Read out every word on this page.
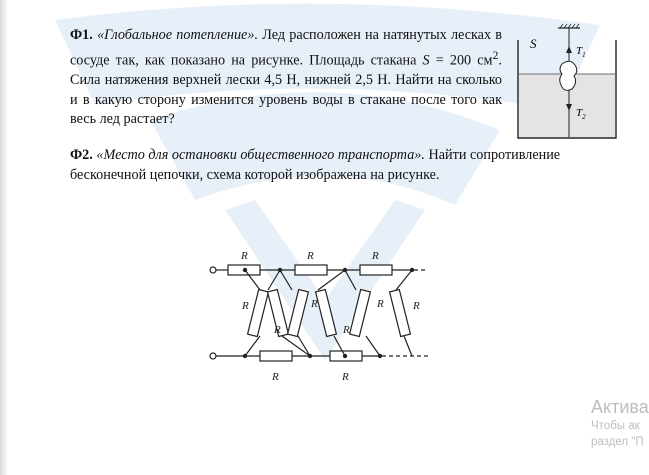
Ф1. «Глобальное потепление». Лед расположен на натянутых лесках в сосуде так, как показано на рисунке. Площадь стакана S = 200 $см^2$. Сила натяжения верхней лески 4,5 Н, нижней 2,5 Н. Найти на сколько и в какую сторону изменится уровень воды в стакане после того как весь лед растает?

S	$T_1$
$T_2$

Ф2. «Место для остановки общественного транспорта». Найти сопротивление бесконечной цепочки, схема которой изображена на рисунке.

R	R	R
R
R
R
R
R	R
R	R
Актива
Чтобы ак
раздел "П
